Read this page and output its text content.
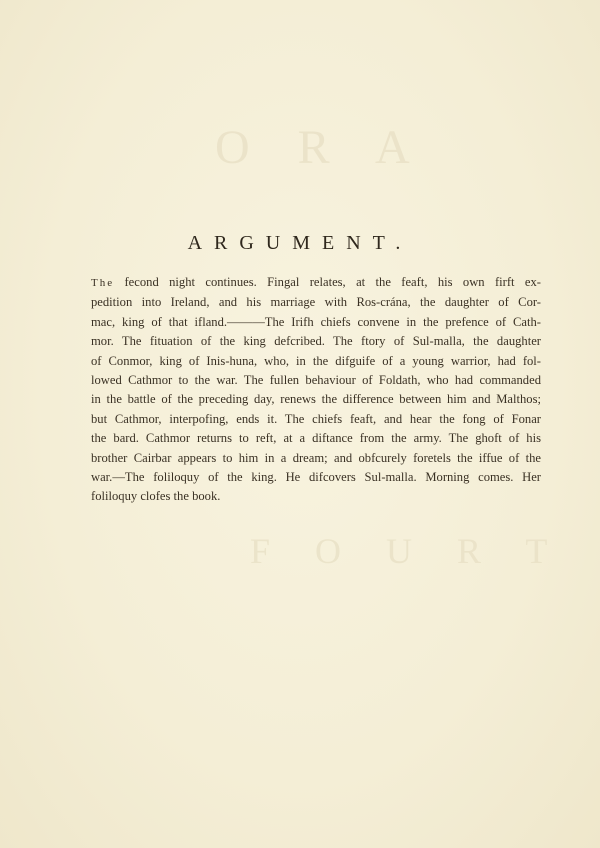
O R A
F O U R T
ARGUMENT.
The fecond night continues. Fingal relates, at the feaft, his own firft ex-
pedition into Ireland, and his marriage with Ros-crána, the daughter of Cor-
mac, king of that ifland.———The Irifh chiefs convene in the prefence of Cath-
mor. The fituation of the king defcribed. The ftory of Sul-malla, the daughter
of Conmor, king of Inis-huna, who, in the difguife of a young warrior, had fol-
lowed Cathmor to the war. The fullen behaviour of Foldath, who had commanded
in the battle of the preceding day, renews the difference between him and Malthos;
but Cathmor, interpofing, ends it. The chiefs feaft, and hear the fong of Fonar
the bard. Cathmor returns to reft, at a diftance from the army. The ghoft of his
brother Cairbar appears to him in a dream; and obfcurely foretels the iffue of the
war.—The foliloquy of the king. He difcovers Sul-malla. Morning comes. Her
foliloquy clofes the book.
